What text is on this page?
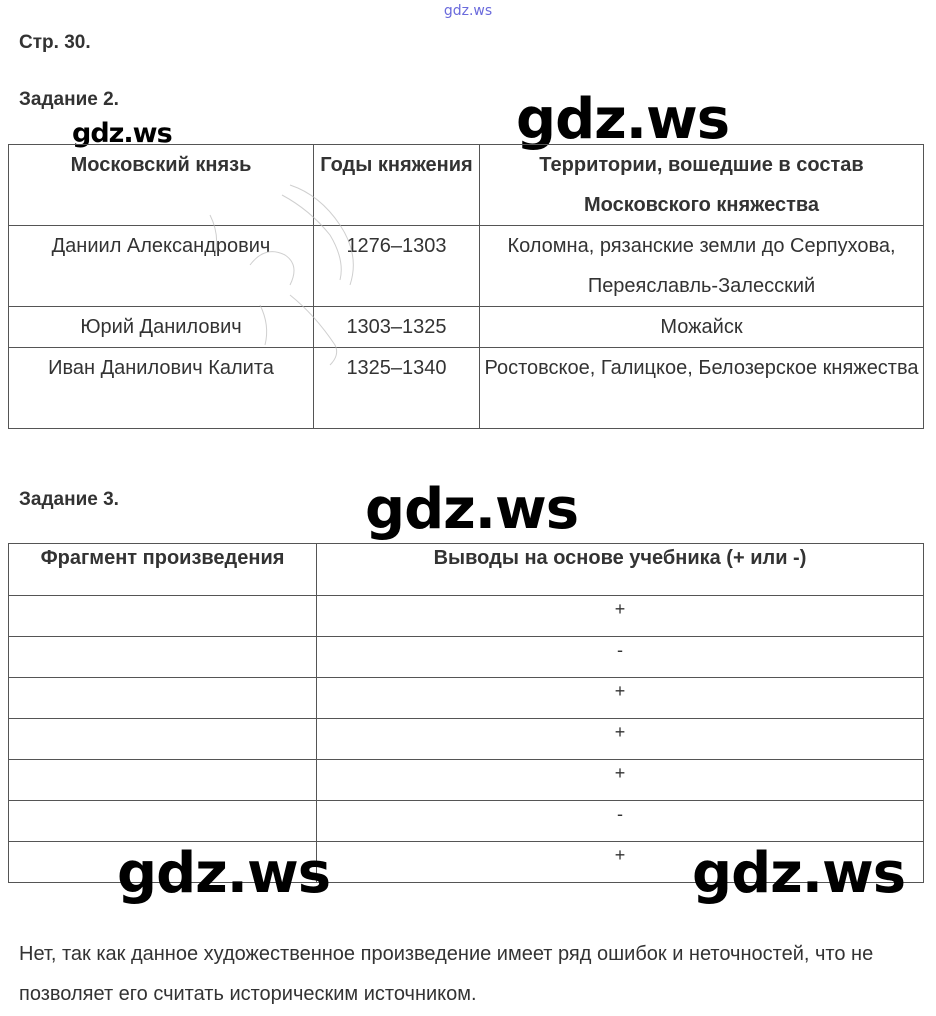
gdz.ws
Стр. 30.
Задание 2.
gdz.ws	gdz.ws
Московский князь	Годы княжения	Территории, вошедшие в состав Московского княжества
Даниил Александрович	1276–1303	Коломна, рязанские земли до Серпухова, Переяславль-Залесский
Юрий Данилович	1303–1325	Можайск
Иван Данилович Калита	1325–1340	Ростовское, Галицкое, Белозерское княжества
Задание 3.	gdz.ws
Фрагмент произведения	Выводы на основе учебника (+ или -)
	+
	-
	+
	+
	+
	-
	+
gdz.ws	gdz.ws
Нет, так как данное художественное произведение имеет ряд ошибок и неточностей, что не позволяет его считать историческим источником.
